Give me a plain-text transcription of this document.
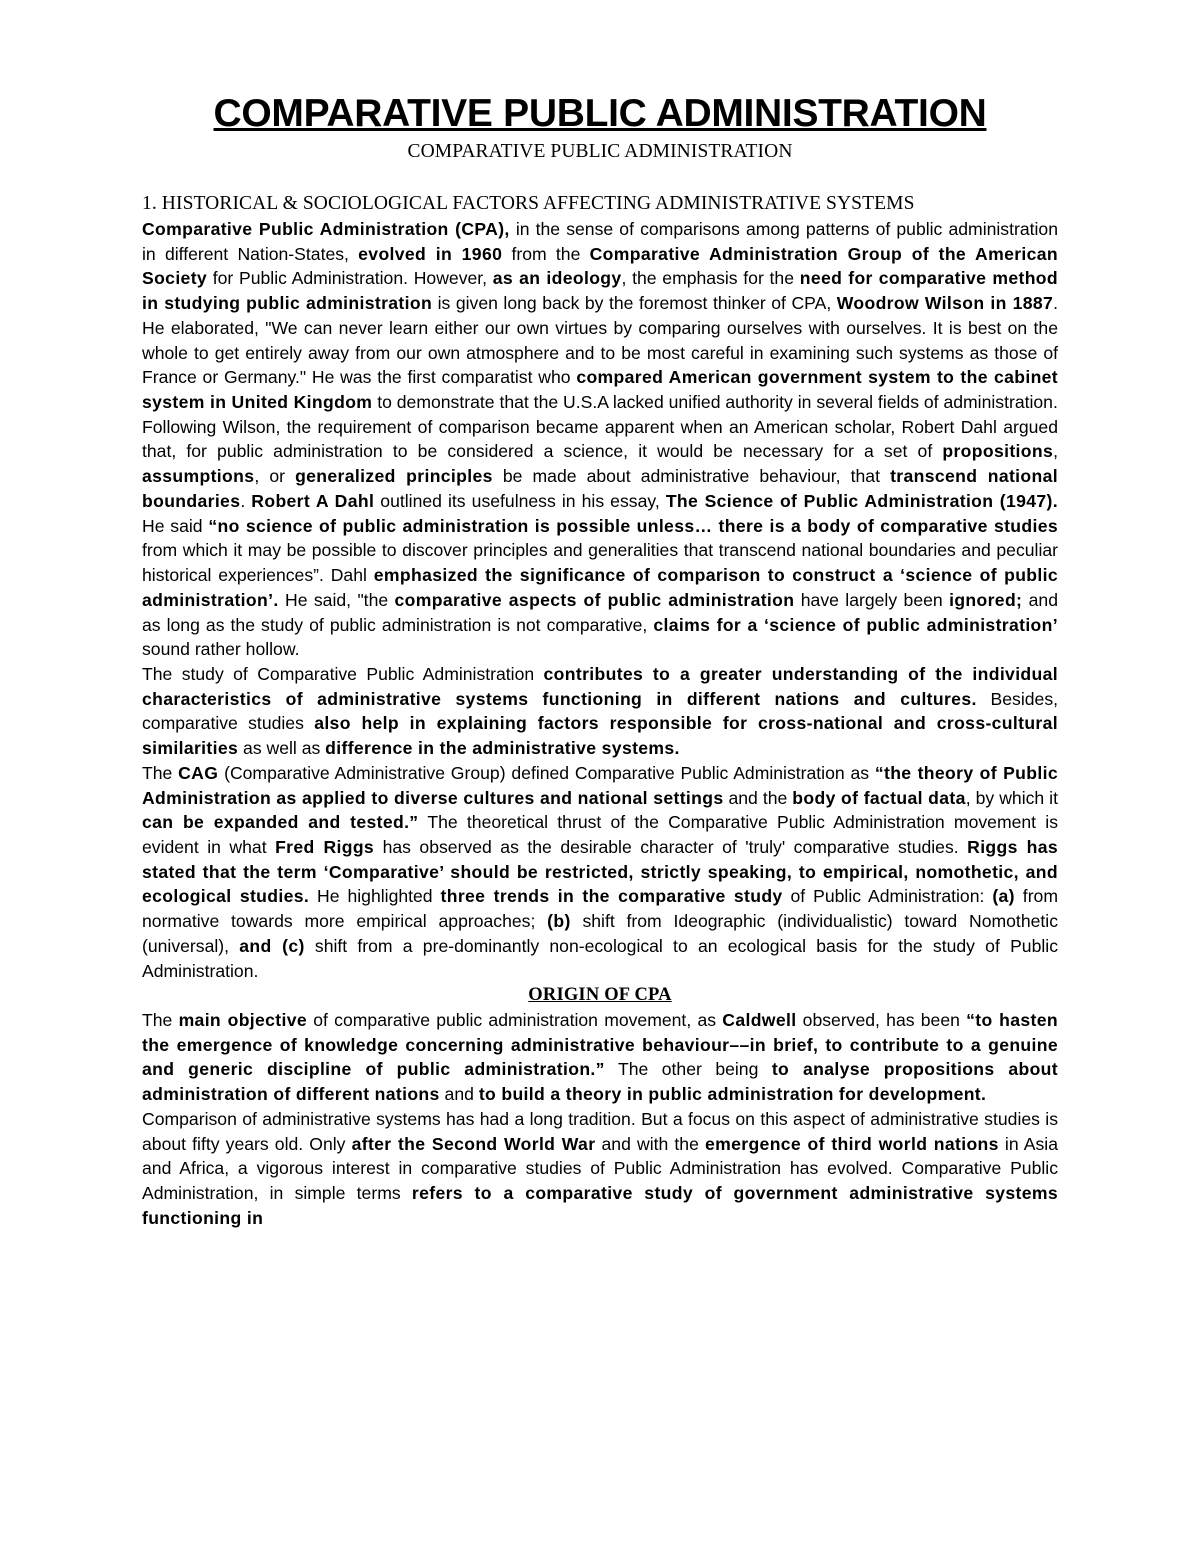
COMPARATIVE PUBLIC ADMINISTRATION

COMPARATIVE PUBLIC ADMINISTRATION

1. HISTORICAL & SOCIOLOGICAL FACTORS AFFECTING ADMINISTRATIVE SYSTEMS

Comparative Public Administration (CPA), in the sense of comparisons among patterns of public administration in different Nation-States, evolved in 1960 from the Comparative Administration Group of the American Society for Public Administration. However, as an ideology, the emphasis for the need for comparative method in studying public administration is given long back by the foremost thinker of CPA, Woodrow Wilson in 1887. He elaborated, "We can never learn either our own virtues by comparing ourselves with ourselves. It is best on the whole to get entirely away from our own atmosphere and to be most careful in examining such systems as those of France or Germany." He was the first comparatist who compared American government system to the cabinet system in United Kingdom to demonstrate that the U.S.A lacked unified authority in several fields of administration.

Following Wilson, the requirement of comparison became apparent when an American scholar, Robert Dahl argued that, for public administration to be considered a science, it would be necessary for a set of propositions, assumptions, or generalized principles be made about administrative behaviour, that transcend national boundaries. Robert A Dahl outlined its usefulness in his essay, The Science of Public Administration (1947). He said “no science of public administration is possible unless… there is a body of comparative studies from which it may be possible to discover principles and generalities that transcend national boundaries and peculiar historical experiences”. Dahl emphasized the significance of comparison to construct a ‘science of public administration’. He said, "the comparative aspects of public administration have largely been ignored; and as long as the study of public administration is not comparative, claims for a ‘science of public administration’ sound rather hollow.

The study of Comparative Public Administration contributes to a greater understanding of the individual characteristics of administrative systems functioning in different nations and cultures. Besides, comparative studies also help in explaining factors responsible for cross-national and cross-cultural similarities as well as difference in the administrative systems.

The CAG (Comparative Administrative Group) defined Comparative Public Administration as “the theory of Public Administration as applied to diverse cultures and national settings and the body of factual data, by which it can be expanded and tested.” The theoretical thrust of the Comparative Public Administration movement is evident in what Fred Riggs has observed as the desirable character of 'truly' comparative studies. Riggs has stated that the term ‘Comparative’ should be restricted, strictly speaking, to empirical, nomothetic, and ecological studies. He highlighted three trends in the comparative study of Public Administration: (a) from normative towards more empirical approaches; (b) shift from Ideographic (individualistic) toward Nomothetic (universal), and (c) shift from a pre-dominantly non-ecological to an ecological basis for the study of Public Administration.

ORIGIN OF CPA

The main objective of comparative public administration movement, as Caldwell observed, has been “to hasten the emergence of knowledge concerning administrative behaviour––in brief, to contribute to a genuine and generic discipline of public administration.” The other being to analyse propositions about administration of different nations and to build a theory in public administration for development.

Comparison of administrative systems has had a long tradition. But a focus on this aspect of administrative studies is about fifty years old. Only after the Second World War and with the emergence of third world nations in Asia and Africa, a vigorous interest in comparative studies of Public Administration has evolved. Comparative Public Administration, in simple terms refers to a comparative study of government administrative systems functioning in
